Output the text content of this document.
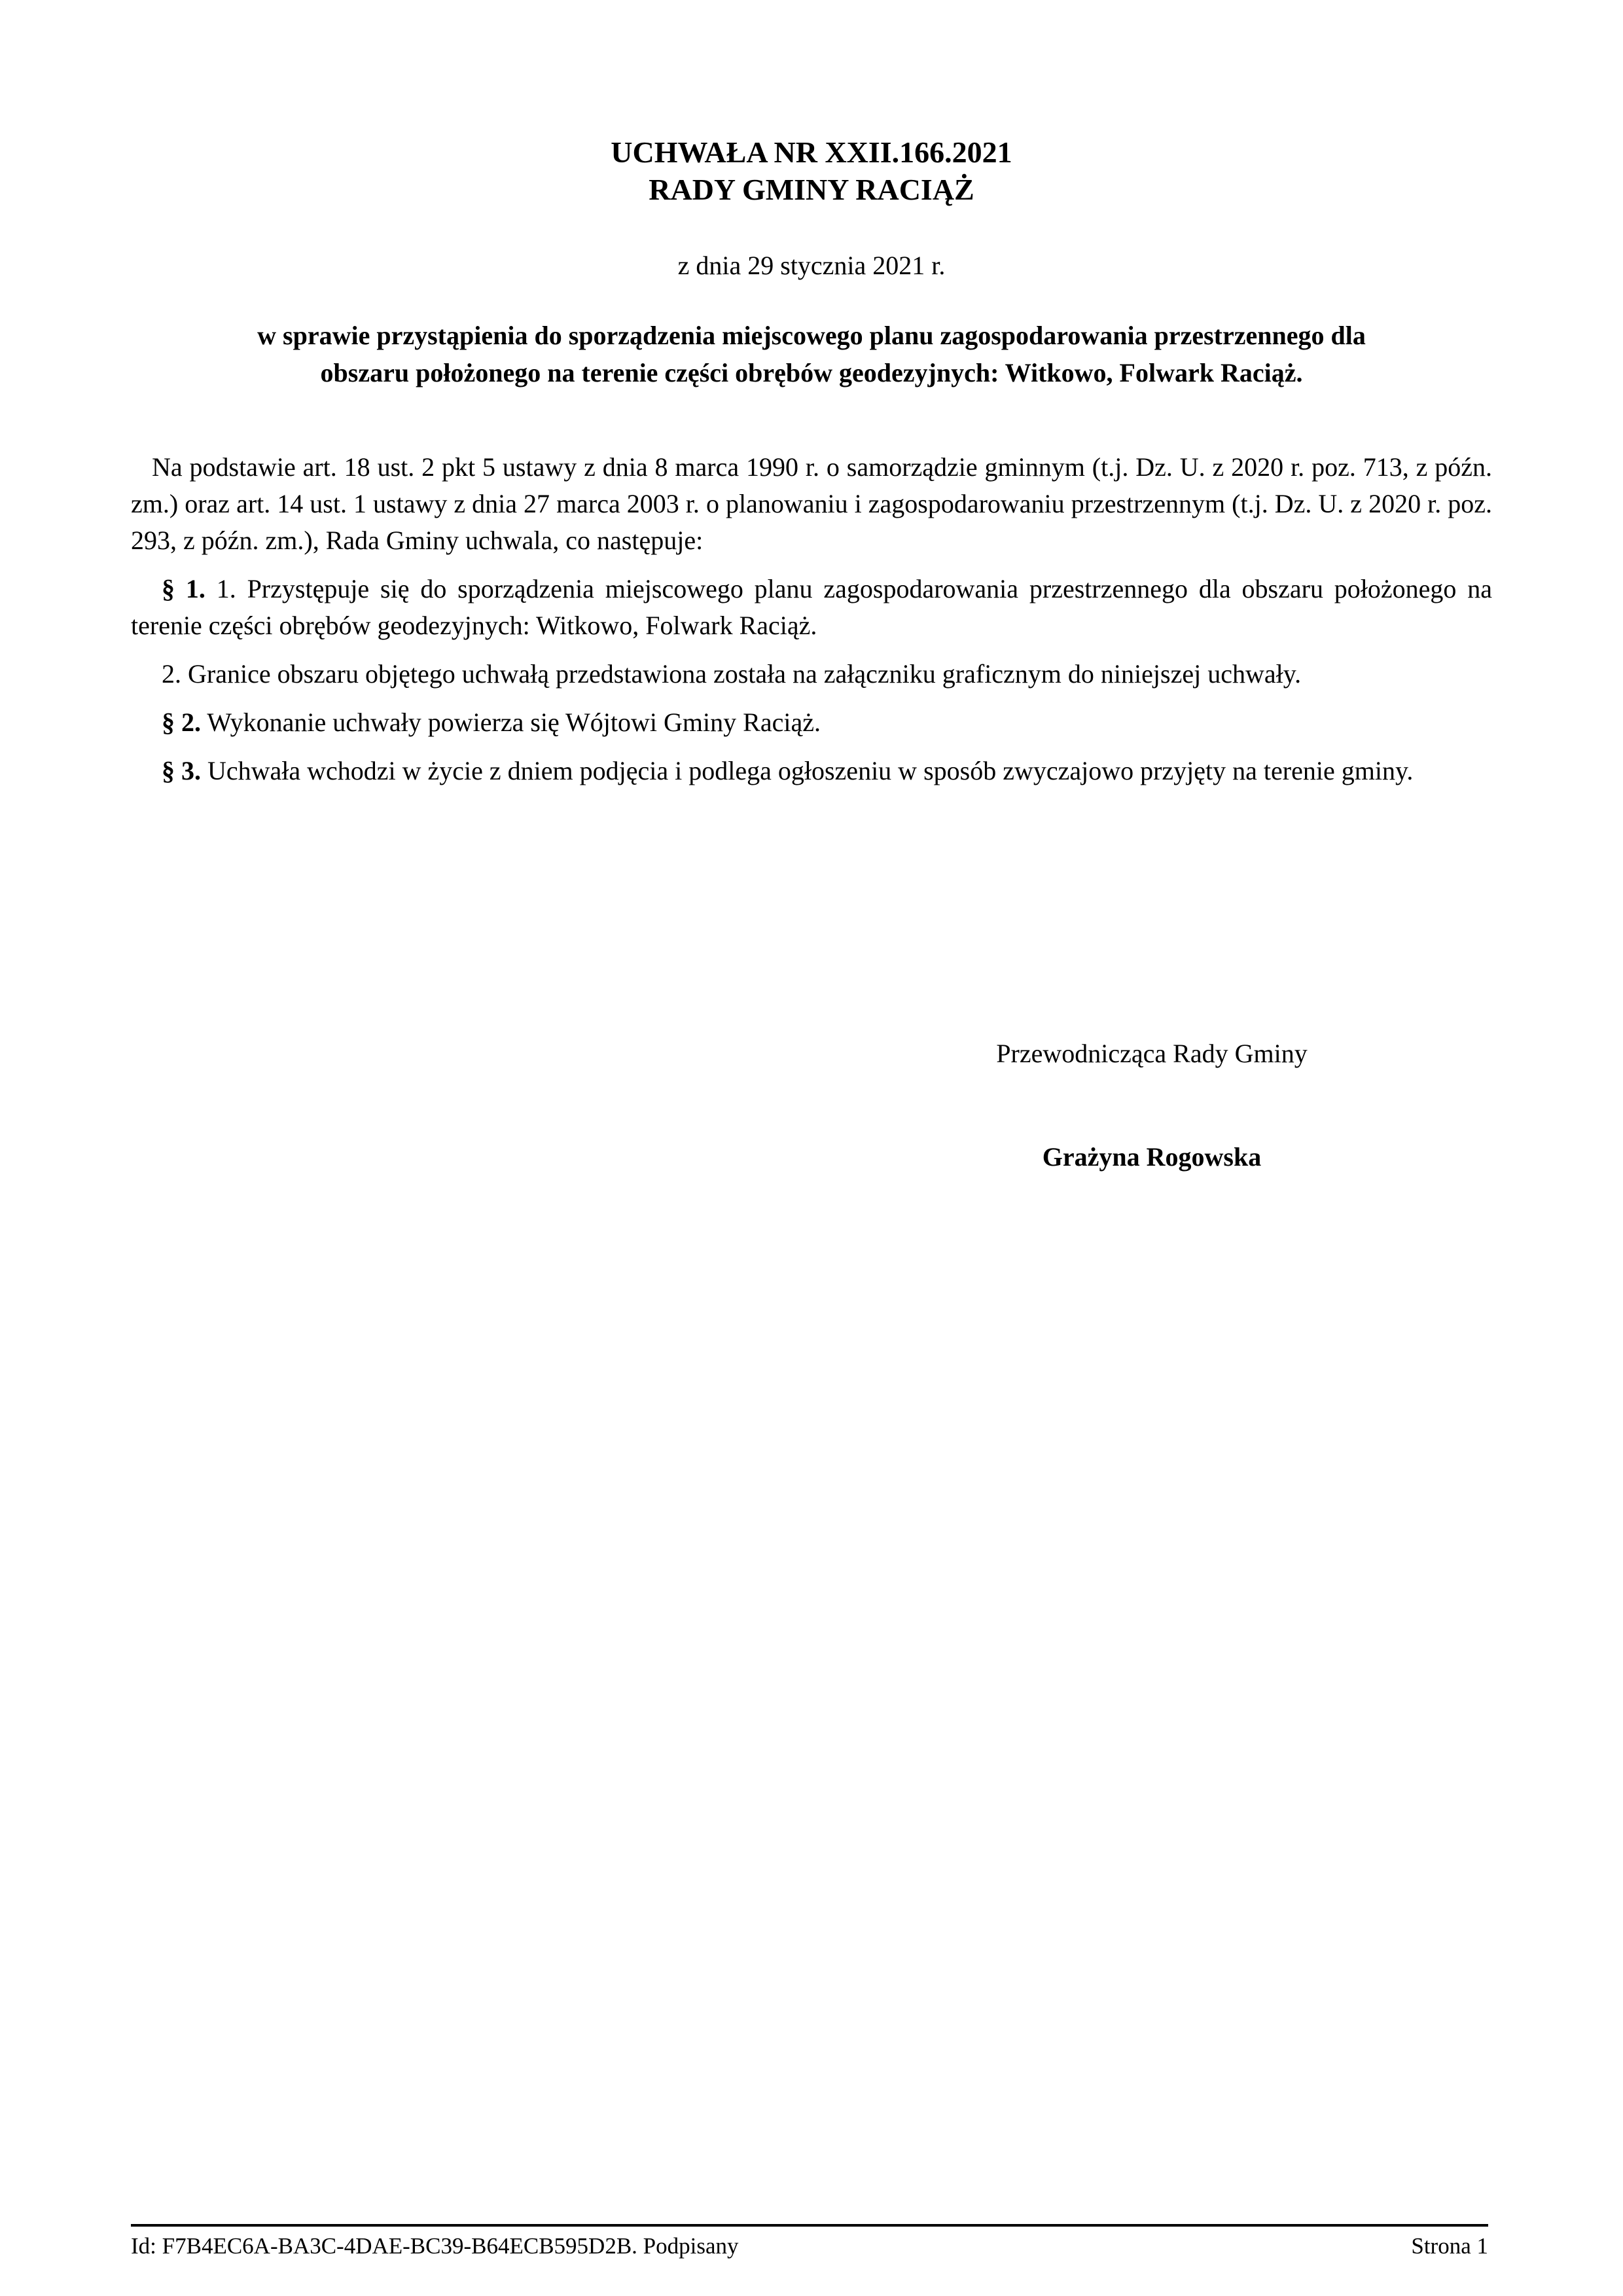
UCHWAŁA NR XXII.166.2021
RADY GMINY RACIĄŻ
z dnia 29 stycznia 2021 r.
w sprawie przystąpienia do sporządzenia miejscowego planu zagospodarowania przestrzennego dla
obszaru położonego na terenie części obrębów geodezyjnych: Witkowo, Folwark Raciąż.

Na podstawie art. 18 ust. 2 pkt 5 ustawy z dnia 8 marca 1990 r. o samorządzie gminnym (t.j. Dz. U. z 2020 r. poz. 713, z późn. zm.) oraz art. 14 ust. 1 ustawy z dnia 27 marca 2003 r. o planowaniu i zagospodarowaniu przestrzennym (t.j. Dz. U. z 2020 r. poz. 293, z późn. zm.), Rada Gminy uchwala, co następuje:

§ 1. 1. Przystępuje się do sporządzenia miejscowego planu zagospodarowania przestrzennego dla obszaru położonego na terenie części obrębów geodezyjnych: Witkowo, Folwark Raciąż.

2. Granice obszaru objętego uchwałą przedstawiona została na załączniku graficznym do niniejszej uchwały.

§ 2. Wykonanie uchwały powierza się Wójtowi Gminy Raciąż.

§ 3. Uchwała wchodzi w życie z dniem podjęcia i podlega ogłoszeniu w sposób zwyczajowo przyjęty na terenie gminy.

Przewodnicząca Rady Gminy
Grażyna Rogowska
Id: F7B4EC6A-BA3C-4DAE-BC39-B64ECB595D2B. Podpisany	Strona 1
